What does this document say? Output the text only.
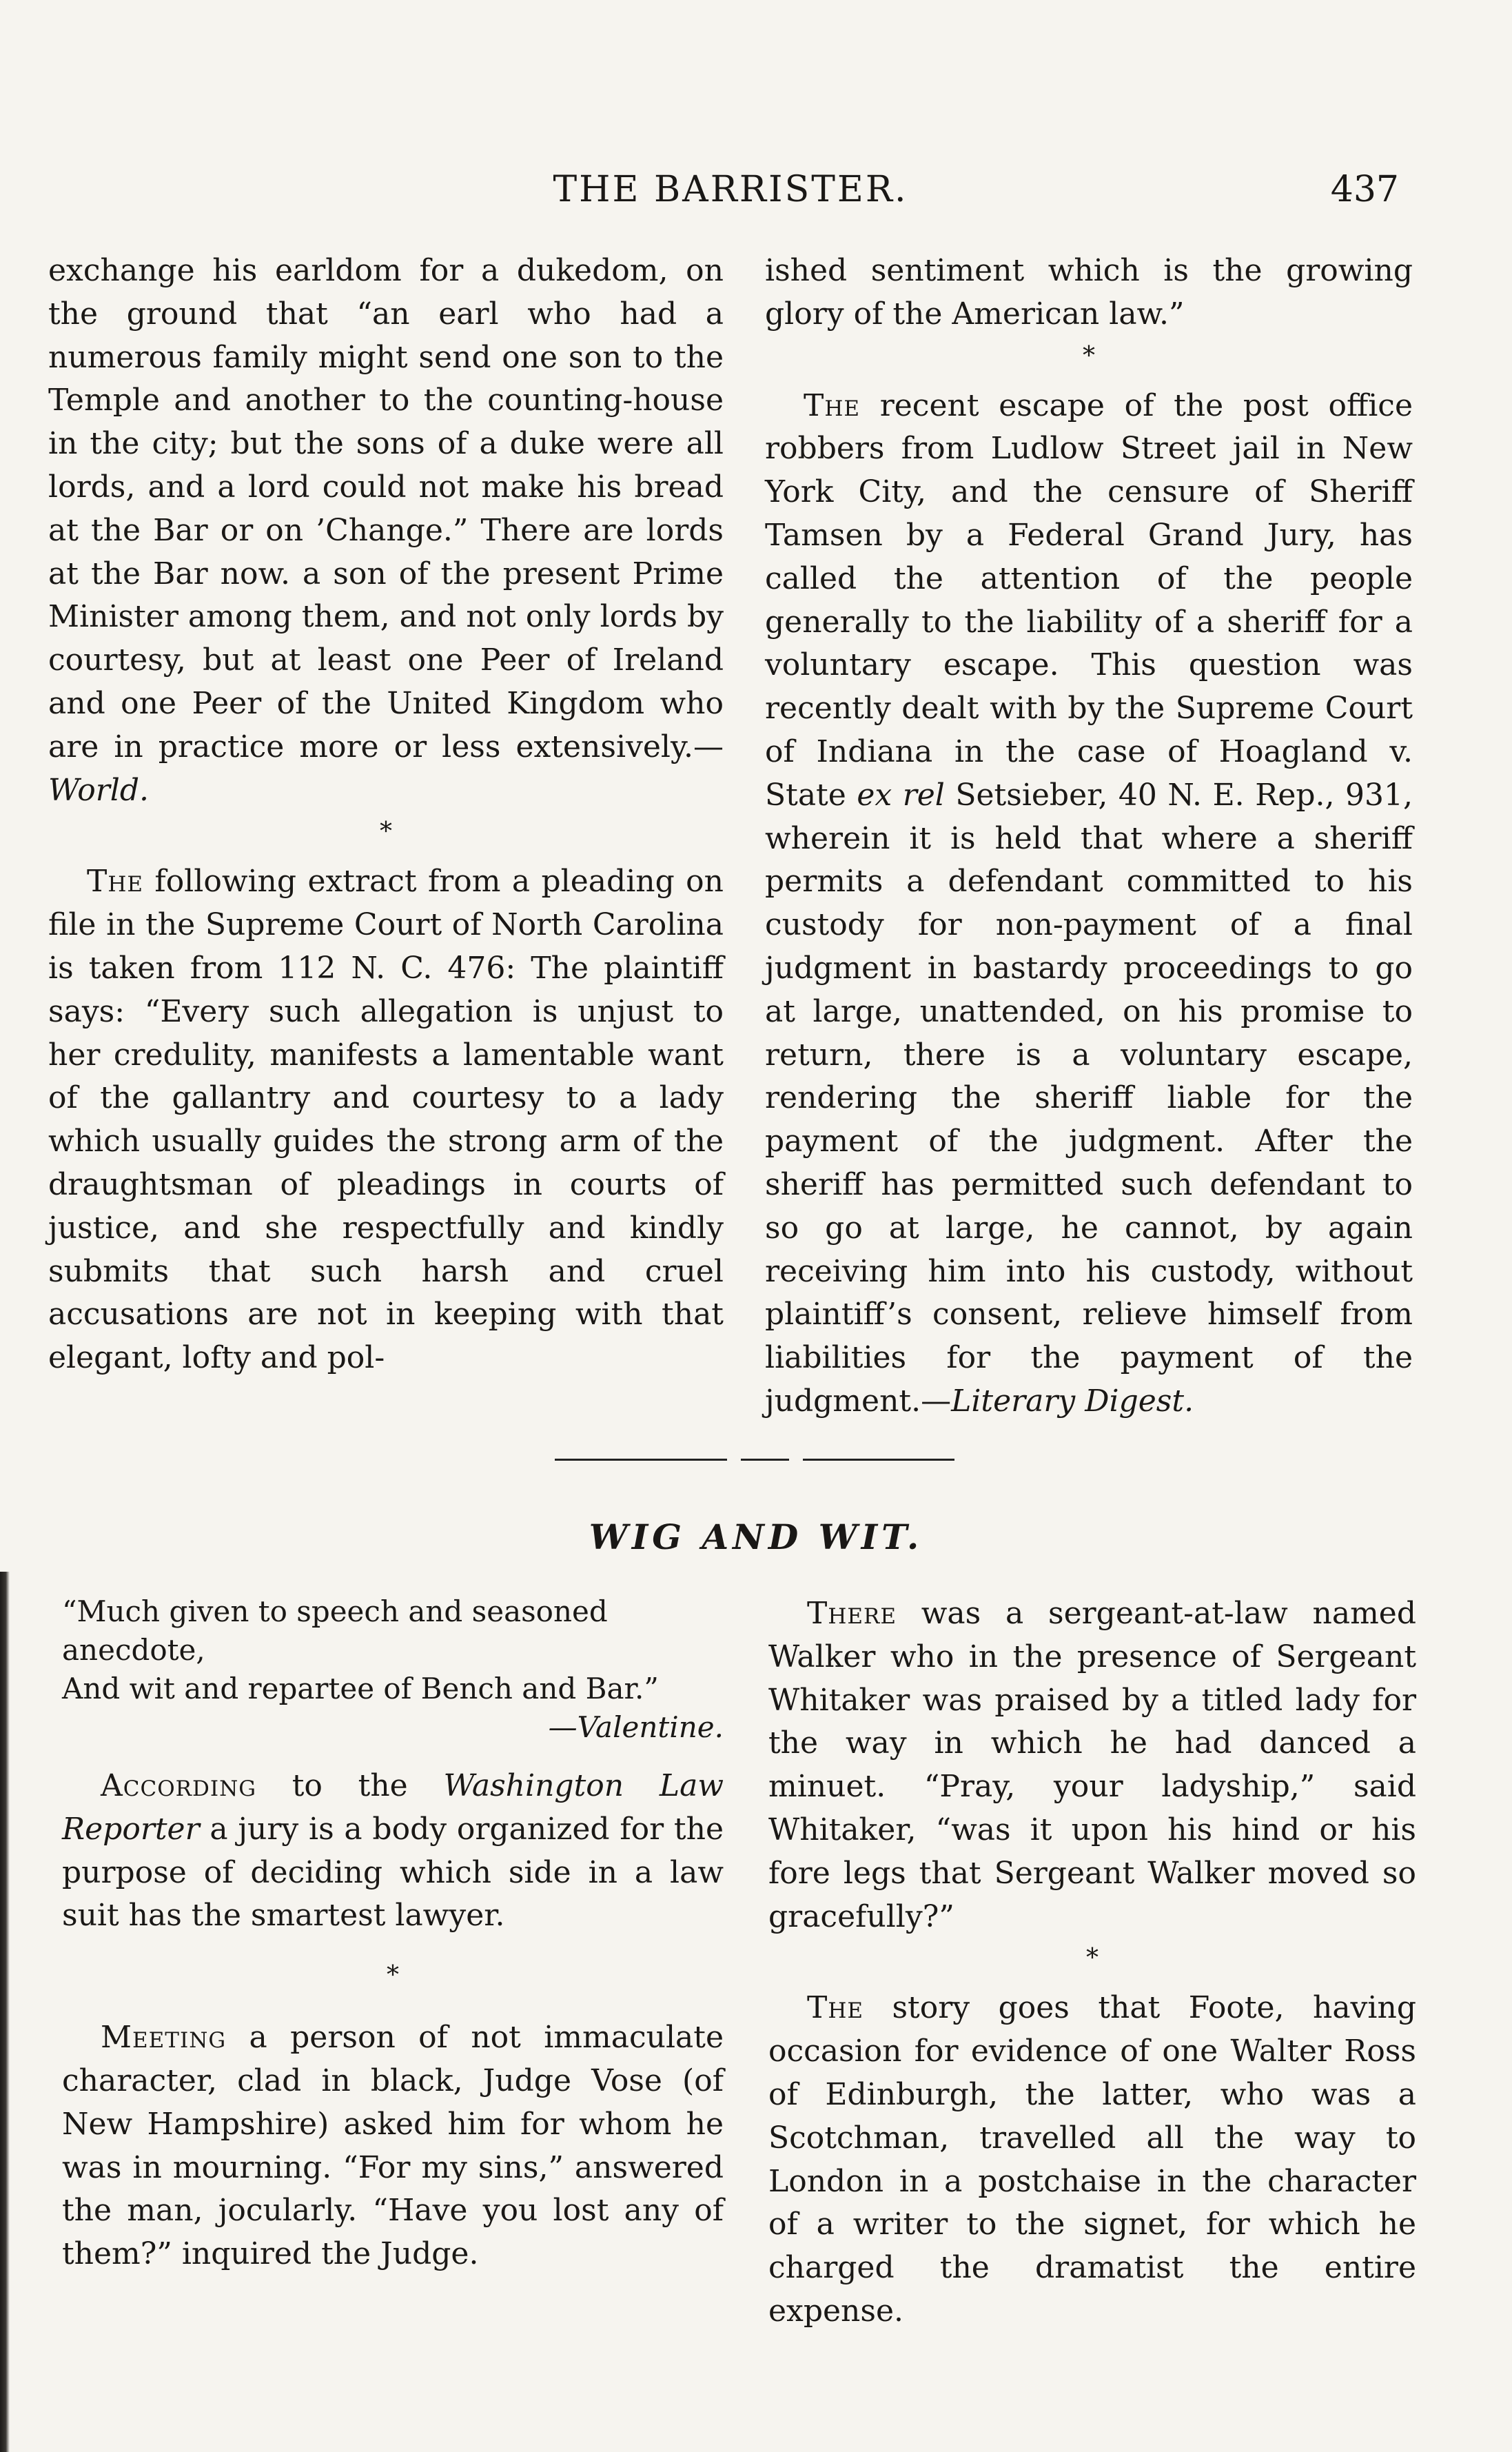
THE BARRISTER.	437

exchange his earldom for a dukedom, on the ground that “an earl who had a numerous family might send one son to the Temple and another to the counting-house in the city; but the sons of a duke were all lords, and a lord could not make his bread at the Bar or on ’Change.” There are lords at the Bar now. a son of the present Prime Minister among them, and not only lords by courtesy, but at least one Peer of Ireland and one Peer of the United Kingdom who are in practice more or less extensively.—World.

*

The following extract from a pleading on file in the Supreme Court of North Carolina is taken from 112 N. C. 476: The plaintiff says: “Every such allegation is unjust to her credulity, manifests a lamentable want of the gallantry and courtesy to a lady which usually guides the strong arm of the draughtsman of pleadings in courts of justice, and she respectfully and kindly submits that such harsh and cruel accusations are not in keeping with that elegant, lofty and pol-

ished sentiment which is the growing glory of the American law.”

*

The recent escape of the post office robbers from Ludlow Street jail in New York City, and the censure of Sheriff Tamsen by a Federal Grand Jury, has called the attention of the people generally to the liability of a sheriff for a voluntary escape. This question was recently dealt with by the Supreme Court of Indiana in the case of Hoagland v. State ex rel Setsieber, 40 N. E. Rep., 931, wherein it is held that where a sheriff permits a defendant committed to his custody for non-payment of a final judgment in bastardy proceedings to go at large, unattended, on his promise to return, there is a voluntary escape, rendering the sheriff liable for the payment of the judgment. After the sheriff has permitted such defendant to so go at large, he cannot, by again receiving him into his custody, without plaintiff’s consent, relieve himself from liabilities for the payment of the judgment.—Literary Digest.

WIG AND WIT.
“Much given to speech and seasoned anecdote,
And wit and repartee of Bench and Bar.”
—Valentine.

According to the Washington Law Reporter a jury is a body organized for the purpose of deciding which side in a law suit has the smartest lawyer.

*

Meeting a person of not immaculate character, clad in black, Judge Vose (of New Hampshire) asked him for whom he was in mourning. “For my sins,” answered the man, jocularly. “Have you lost any of them?” inquired the Judge.

There was a sergeant-at-law named Walker who in the presence of Sergeant Whitaker was praised by a titled lady for the way in which he had danced a minuet. “Pray, your ladyship,” said Whitaker, “was it upon his hind or his fore legs that Sergeant Walker moved so gracefully?”

*

The story goes that Foote, having occasion for evidence of one Walter Ross of Edinburgh, the latter, who was a Scotchman, travelled all the way to London in a postchaise in the character of a writer to the signet, for which he charged the dramatist the entire expense.
